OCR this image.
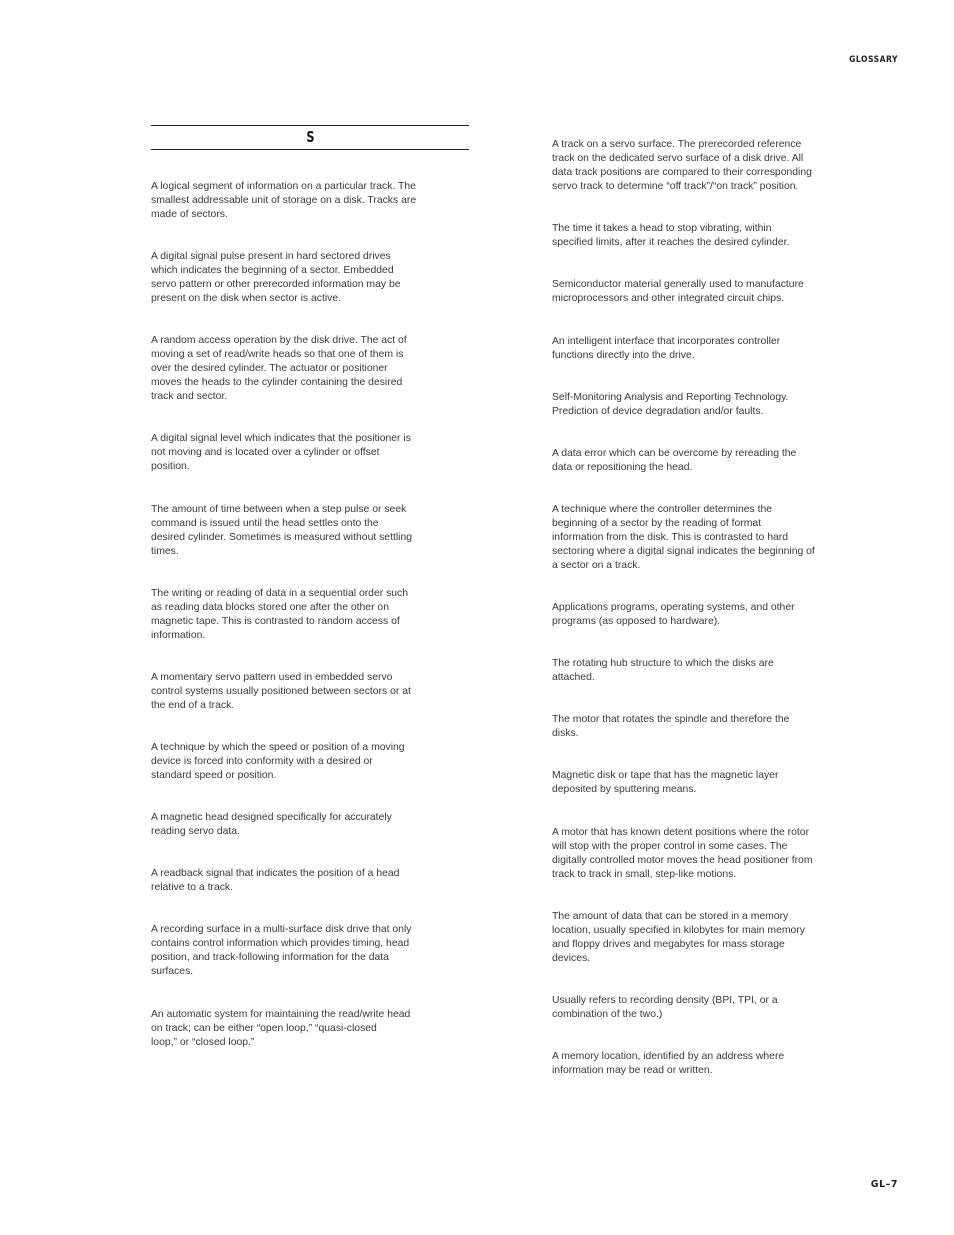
GLOSSARY
S
A logical segment of information on a particular track. The
smallest addressable unit of storage on a disk. Tracks are
made of sectors.
A digital signal pulse present in hard sectored drives
which indicates the beginning of a sector. Embedded
servo pattern or other prerecorded information may be
present on the disk when sector is active.
A random access operation by the disk drive. The act of
moving a set of read/write heads so that one of them is
over the desired cylinder. The actuator or positioner
moves the heads to the cylinder containing the desired
track and sector.
A digital signal level which indicates that the positioner is
not moving and is located over a cylinder or offset
position.
The amount of time between when a step pulse or seek
command is issued until the head settles onto the
desired cylinder. Sometimes is measured without settling
times.
The writing or reading of data in a sequential order such
as reading data blocks stored one after the other on
magnetic tape. This is contrasted to random access of
information.
A momentary servo pattern used in embedded servo
control systems usually positioned between sectors or at
the end of a track.
A technique by which the speed or position of a moving
device is forced into conformity with a desired or
standard speed or position.
A magnetic head designed specifically for accurately
reading servo data.
A readback signal that indicates the position of a head
relative to a track.
A recording surface in a multi-surface disk drive that only
contains control information which provides timing, head
position, and track-following information for the data
surfaces.
An automatic system for maintaining the read/write head
on track; can be either “open loop,” “quasi-closed
loop,” or “closed loop.”
A track on a servo surface. The prerecorded reference
track on the dedicated servo surface of a disk drive. All
data track positions are compared to their corresponding
servo track to determine “off track”/“on track” position.
The time it takes a head to stop vibrating, within
specified limits, after it reaches the desired cylinder.
Semiconductor material generally used to manufacture
microprocessors and other integrated circuit chips.
An intelligent interface that incorporates controller
functions directly into the drive.
Self-Monitoring Analysis and Reporting Technology.
Prediction of device degradation and/or faults.
A data error which can be overcome by rereading the
data or repositioning the head.
A technique where the controller determines the
beginning of a sector by the reading of format
information from the disk. This is contrasted to hard
sectoring where a digital signal indicates the beginning of
a sector on a track.
Applications programs, operating systems, and other
programs (as opposed to hardware).
The rotating hub structure to which the disks are
attached.
The motor that rotates the spindle and therefore the
disks.
Magnetic disk or tape that has the magnetic layer
deposited by sputtering means.
A motor that has known detent positions where the rotor
will stop with the proper control in some cases. The
digitally controlled motor moves the head positioner from
track to track in small, step-like motions.
The amount of data that can be stored in a memory
location, usually specified in kilobytes for main memory
and floppy drives and megabytes for mass storage
devices.
Usually refers to recording density (BPI, TPI, or a
combination of the two.)
A memory location, identified by an address where
information may be read or written.
GL–7
